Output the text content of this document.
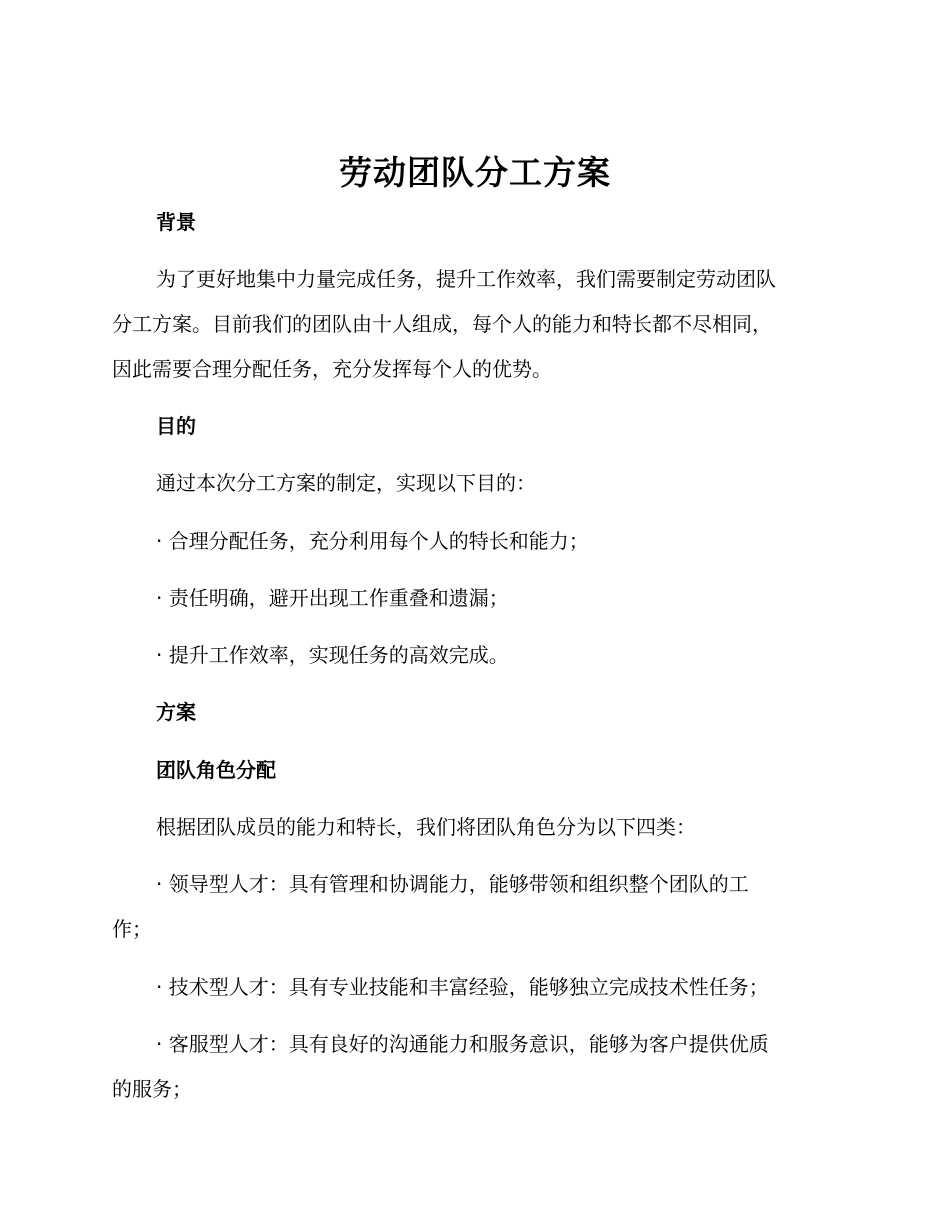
劳动团队分工方案
背景
为了更好地集中力量完成任务，提升工作效率，我们需要制定劳动团队
分工方案。目前我们的团队由十人组成，每个人的能力和特长都不尽相同，
因此需要合理分配任务，充分发挥每个人的优势。
目的
通过本次分工方案的制定，实现以下目的：
· 合理分配任务，充分利用每个人的特长和能力；
· 责任明确，避开出现工作重叠和遗漏；
· 提升工作效率，实现任务的高效完成。
方案
团队角色分配
根据团队成员的能力和特长，我们将团队角色分为以下四类：
· 领导型人才：具有管理和协调能力，能够带领和组织整个团队的工
作；
· 技术型人才：具有专业技能和丰富经验，能够独立完成技术性任务；
· 客服型人才：具有良好的沟通能力和服务意识，能够为客户提供优质
的服务；
